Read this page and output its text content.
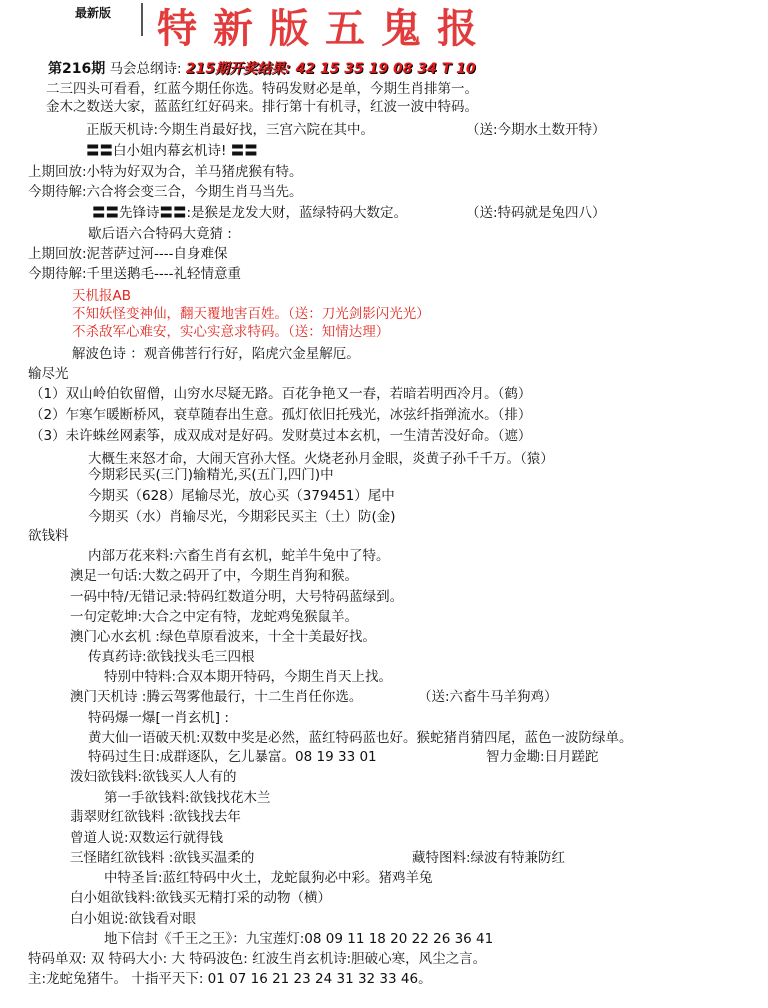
最新版 特新版五鬼报
第216期 马会总纲诗: 215期开奖结果: 42 15 35 19 08 34 T 10
二三四头可看看，红蓝今期任你选。特码发财必是单，今期生肖排第一。
金木之数送大家，蓝蓝红红好码来。排行第十有机寻，红波一波中特码。
正版天机诗:今期生肖最好找，三宫六院在其中。	（送:今期水土数开特）
〓〓白小姐内幕玄机诗! 〓〓
上期回放:小特为好双为合，羊马猪虎猴有特。
今期待解:六合将会变三合，今期生肖马当先。
〓〓先锋诗〓〓:是猴是龙发大财，蓝绿特码大数定。	（送:特码就是兔四八）
歇后语六合特码大竟猜 :
上期回放:泥菩萨过河----自身难保
今期待解:千里送鹅毛----礼轻情意重
天机报AB
不知妖怪变神仙，翻天覆地害百姓。（送：刀光剑影闪光光）
不杀敌军心难安，实心实意求特码。（送：知情达理）
解波色诗 ：观音佛菩行行好，陷虎穴金星解厄。
输尽光
（1）双山岭伯钦留僧，山穷水尽疑无路。百花争艳又一春，若暗若明西冷月。（鹤）
（2）乍寒乍暖断桥风，衰草随春出生意。孤灯依旧托残光，冰弦纤指弹流水。（排）
（3）未许蛛丝网素筝，成双成对是好码。发财莫过本玄机，一生清苦没好命。（遮）
大概生来怒才命，大闹天宫孙大怪。火烧老孙月金眼，炎黄子孙千千万。（猿）
今期彩民买(三门)输精光,买(五门,四门)中
今期买（628）尾输尽光，放心买（379451）尾中
今期买（水）肖输尽光，今期彩民买主（土）防(金)
欲钱料
内部万花来料:六畜生肖有玄机，蛇羊牛兔中了特。
澳足一句话:大数之码开了中，今期生肖狗和猴。
一码中特/无错记录:特码红数道分明，大号特码蓝绿到。
一句定乾坤:大合之中定有特，龙蛇鸡兔猴鼠羊。
澳门心水玄机 :绿色草原看波来，十全十美最好找。
传真药诗:欲钱找头毛三四根
特别中特料:合双本期开特码，今期生肖天上找。
澳门天机诗 :腾云驾雾他最行，十二生肖任你选。	（送:六畜牛马羊狗鸡）
特码爆一爆[一肖玄机] :
黄大仙一语破天机:双数中奖是必然，蓝红特码蓝也好。猴蛇猪肖猜四尾，蓝色一波防绿单。
特码过生日:成群逐队，乞儿暴富。08 19 33 01	智力金墈:日月蹉跎
泼妇欲钱料:欲钱买人人有的
第一手欲钱料:欲钱找花木兰
翡翠财红欲钱料 :欲钱找去年
曾道人说:双数运行就得钱
三怪睹红欲钱料 :欲钱买温柔的	藏特图料:绿波有特兼防红
中特圣旨:蓝红特码中火土，龙蛇鼠狗必中彩。猪鸡羊兔
白小姐欲钱料:欲钱买无精打采的动物（横）
白小姐说:欲钱看对眼
地下信封《千王之王》：九宝莲灯:08 09 11 18 20 22 26 36 41
特码单双: 双 特码大小: 大 特码波色: 红波生肖玄机诗:胆破心寒，风尘之言。
主:龙蛇兔猪牛。 十指平天下: 01 07 16 21 23 24 31 32 33 46。
